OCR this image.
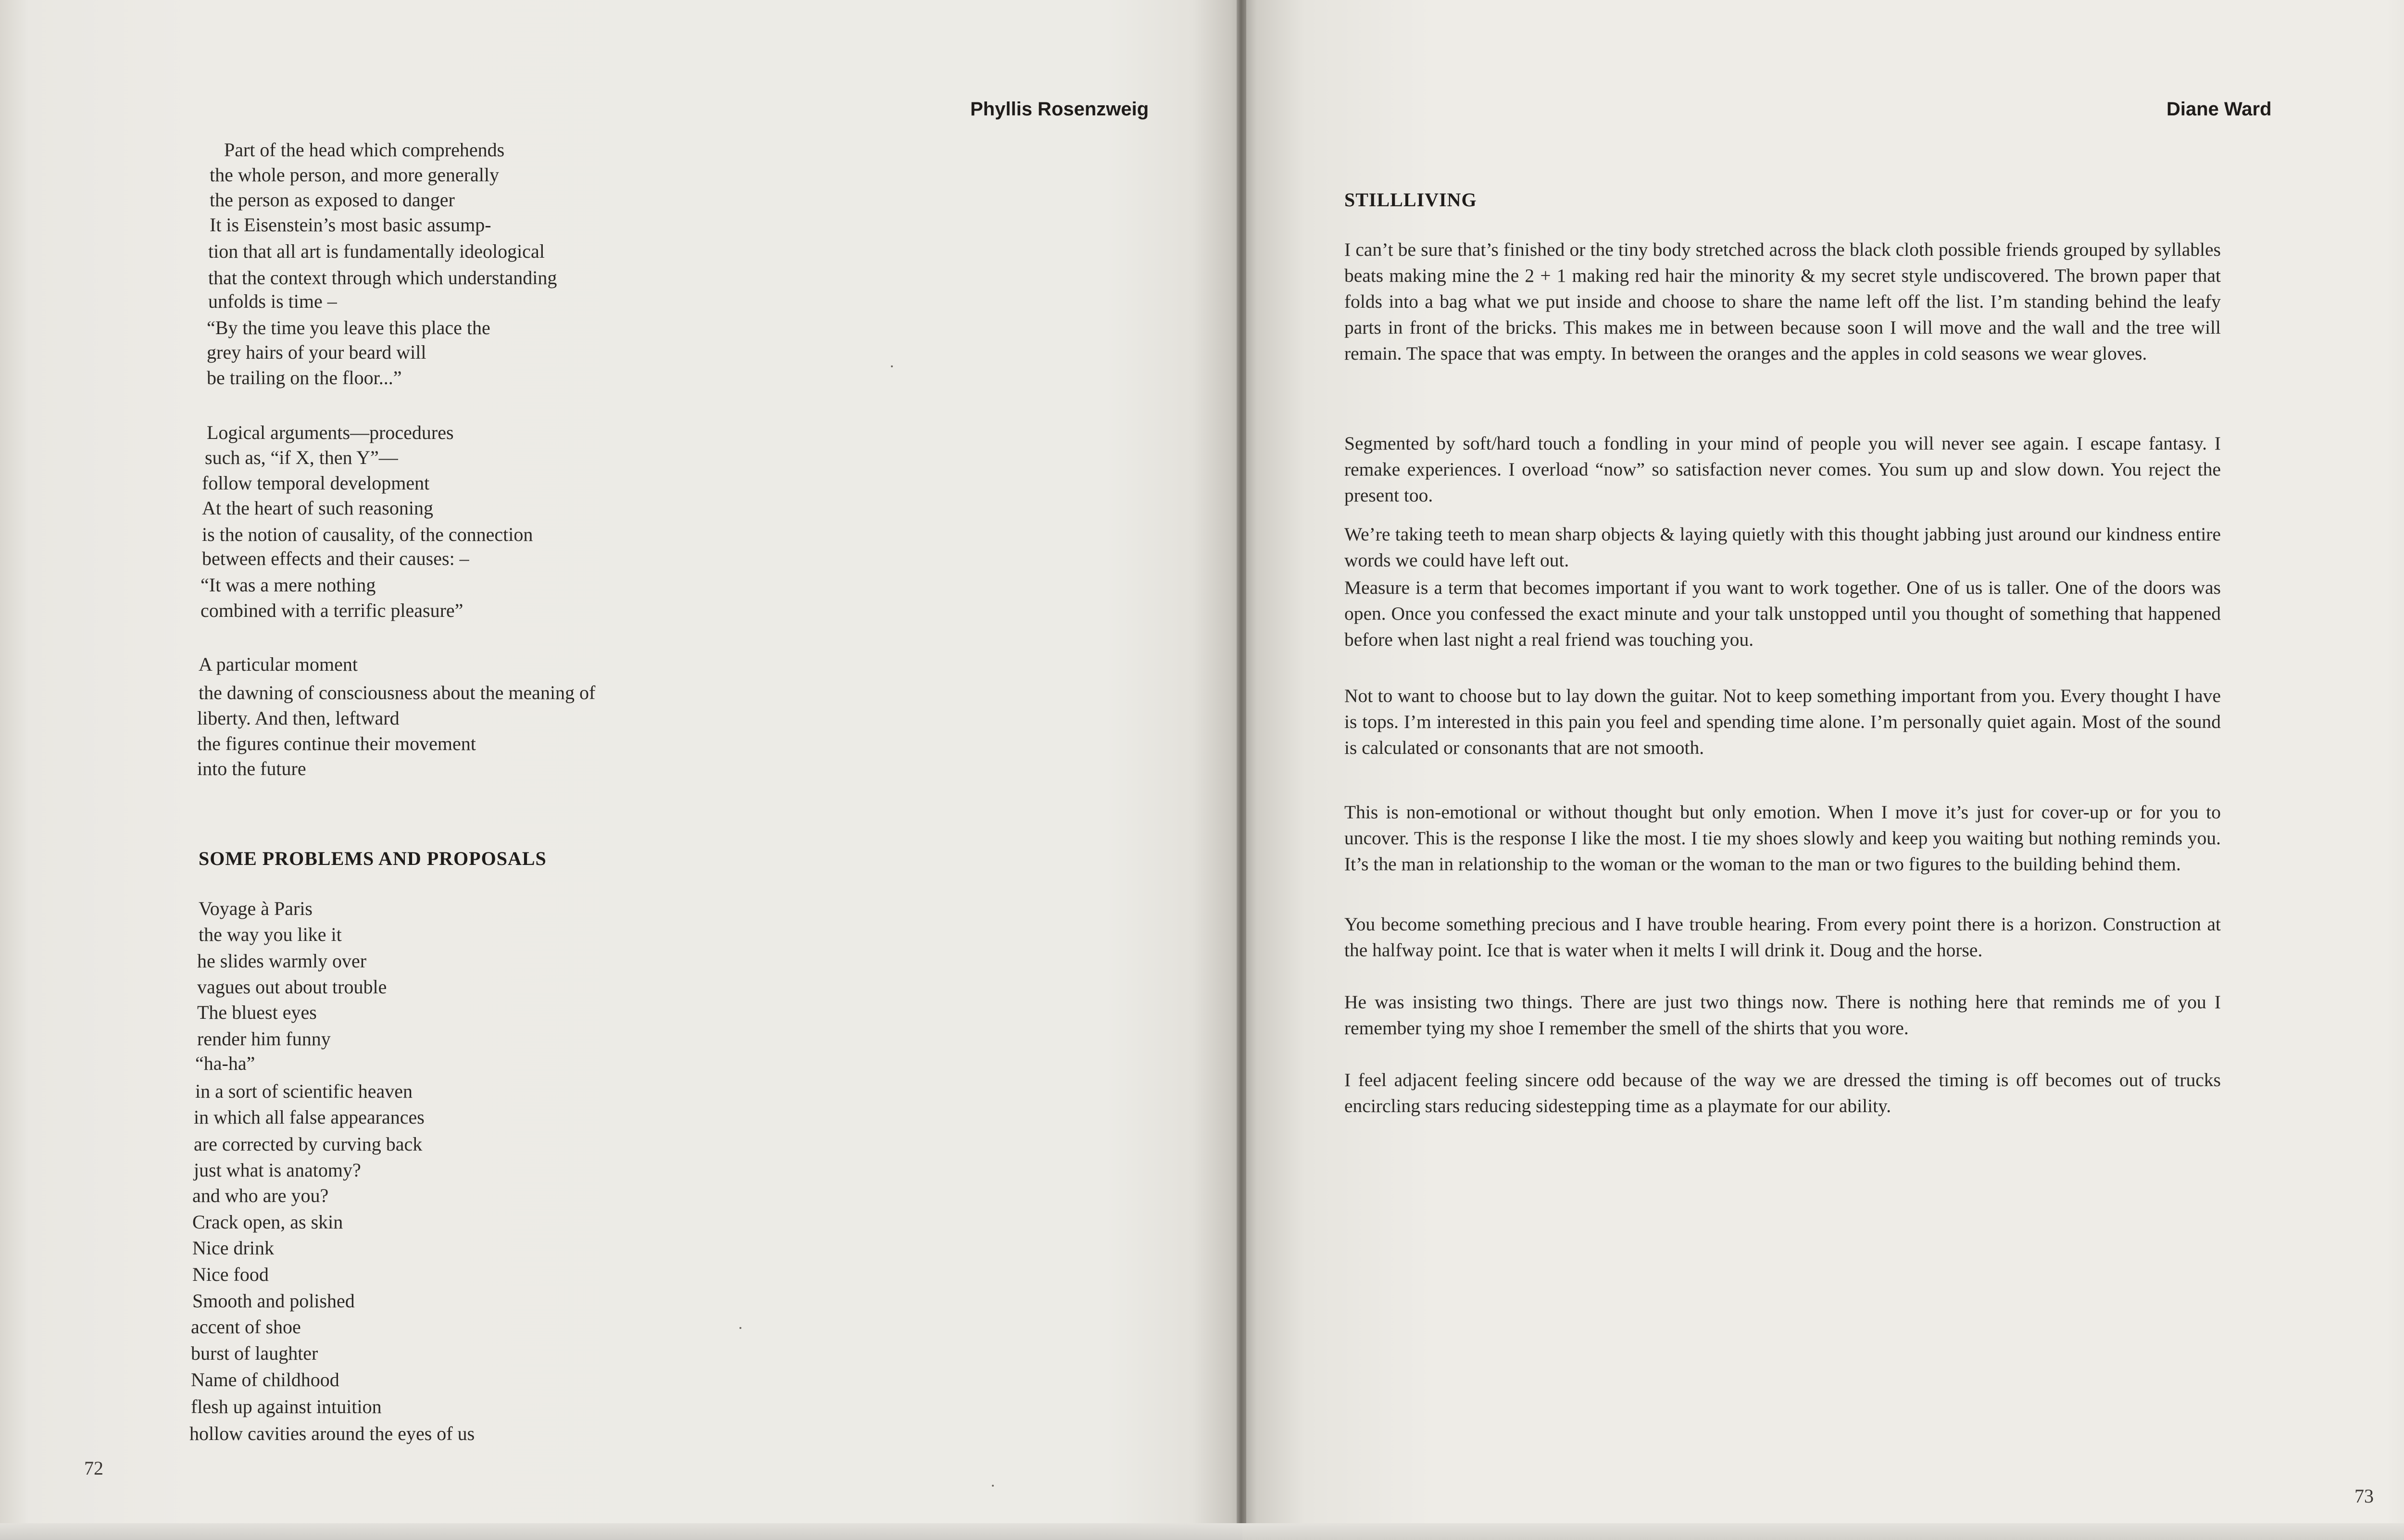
Phyllis Rosenzweig
Part of the head which comprehends
the whole person, and more generally
the person as exposed to danger
It is Eisenstein’s most basic assump-
tion that all art is fundamentally ideological
that the context through which understanding
unfolds is time –
“By the time you leave this place the
grey hairs of your beard will
be trailing on the floor...”
Logical arguments—procedures
such as, “if X, then Y”—
follow temporal development
At the heart of such reasoning
is the notion of causality, of the connection
between effects and their causes: –
“It was a mere nothing
combined with a terrific pleasure”
A particular moment
the dawning of consciousness about the meaning of
liberty. And then, leftward
the figures continue their movement
into the future
SOME PROBLEMS AND PROPOSALS
Voyage à Paris
the way you like it
he slides warmly over
vagues out about trouble
The bluest eyes
render him funny
“ha-ha”
in a sort of scientific heaven
in which all false appearances
are corrected by curving back
just what is anatomy?
and who are you?
Crack open, as skin
Nice drink
Nice food
Smooth and polished
accent of shoe
burst of laughter
Name of childhood
flesh up against intuition
hollow cavities around the eyes of us
72
Diane Ward
STILLLIVING

I can’t be sure that’s finished or the tiny body stretched across the black cloth possible friends grouped by syllables beats making mine the 2 + 1 making red hair the minority & my secret style undiscovered. The brown paper that folds into a bag what we put inside and choose to share the name left off the list. I’m standing behind the leafy parts in front of the bricks. This makes me in between because soon I will move and the wall and the tree will remain. The space that was empty. In between the oranges and the apples in cold seasons we wear gloves.

Segmented by soft/hard touch a fondling in your mind of people you will never see again. I escape fantasy. I remake experiences. I overload “now” so satisfaction never comes. You sum up and slow down. You reject the present too.

We’re taking teeth to mean sharp objects & laying quietly with this thought jabbing just around our kindness entire words we could have left out.

Measure is a term that becomes important if you want to work together. One of us is taller. One of the doors was open. Once you confessed the exact minute and your talk unstopped until you thought of something that happened before when last night a real friend was touching you.

Not to want to choose but to lay down the guitar. Not to keep something important from you. Every thought I have is tops. I’m interested in this pain you feel and spending time alone. I’m personally quiet again. Most of the sound is calculated or consonants that are not smooth.

This is non-emotional or without thought but only emotion. When I move it’s just for cover-up or for you to uncover. This is the response I like the most. I tie my shoes slowly and keep you waiting but nothing reminds you. It’s the man in relationship to the woman or the woman to the man or two figures to the building behind them.

You become something precious and I have trouble hearing. From every point there is a horizon. Construction at the halfway point. Ice that is water when it melts I will drink it. Doug and the horse.

He was insisting two things. There are just two things now. There is nothing here that reminds me of you I remember tying my shoe I remember the smell of the shirts that you wore.

I feel adjacent feeling sincere odd because of the way we are dressed the timing is off becomes out of trucks encircling stars reducing sidestepping time as a playmate for our ability.

73
